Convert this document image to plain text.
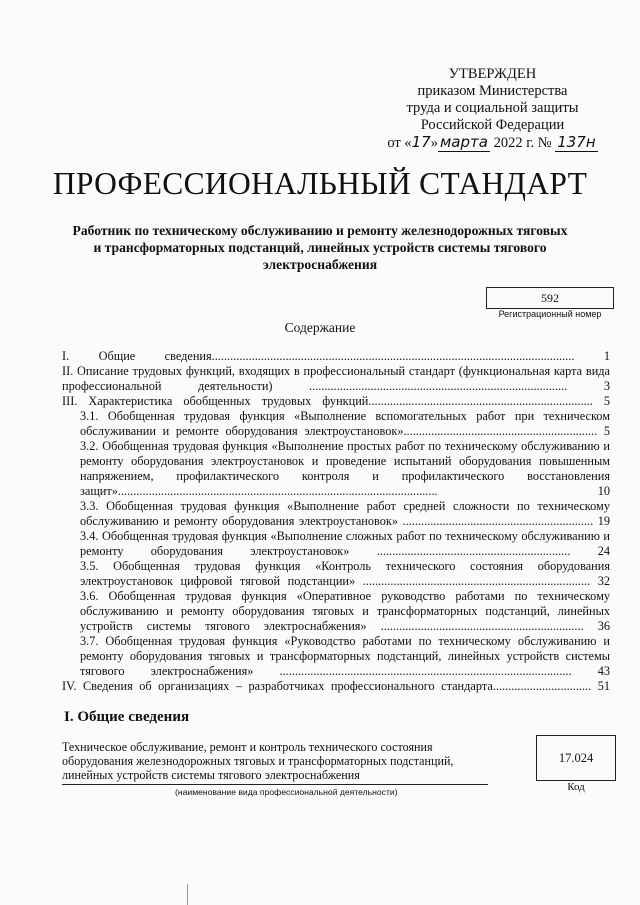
УТВЕРЖДЕН
приказом Министерства
труда и социальной защиты
Российской Федерации
от «17» марта 2022 г. № 137н
ПРОФЕССИОНАЛЬНЫЙ СТАНДАРТ
Работник по техническому обслуживанию и ремонту железнодорожных тяговых и трансформаторных подстанций, линейных устройств системы тягового электроснабжения
592
Регистрационный номер
Содержание
I. Общие сведения...................................................................................................................... 1
II. Описание трудовых функций, входящих в профессиональный стандарт (функциональная карта вида профессиональной деятельности) ....................................................................................	3
III. Характеристика обобщенных трудовых функций......................................................................... 5
3.1. Обобщенная трудовая функция «Выполнение вспомогательных работ при техническом обслуживании и ремонте оборудования электроустановок»............................................................... 5
3.2. Обобщенная трудовая функция «Выполнение простых работ по техническому обслуживанию и ремонту оборудования электроустановок и проведение испытаний оборудования повышенным напряжением, профилактического контроля и профилактического восстановления защит»........................................................................................................	10
3.3. Обобщенная трудовая функция «Выполнение работ средней сложности по техническому обслуживанию и ремонту оборудования электроустановок» .............................................................. 19
3.4. Обобщенная трудовая функция «Выполнение сложных работ по техническому обслуживанию и ремонту оборудования электроустановок» ............................................................... 24
3.5. Обобщенная трудовая функция «Контроль технического состояния оборудования электроустановок цифровой тяговой подстанции» .......................................................................... 32
3.6. Обобщенная трудовая функция «Оперативное руководство работами по техническому обслуживанию и ремонту оборудования тяговых и трансформаторных подстанций, линейных устройств системы тягового электроснабжения» .................................................................. 36
3.7. Обобщенная трудовая функция «Руководство работами по техническому обслуживанию и ремонту оборудования тяговых и трансформаторных подстанций, линейных устройств системы тягового электроснабжения» ............................................................................................... 43
IV. Сведения об организациях – разработчиках профессионального стандарта................................ 51
I. Общие сведения
Техническое обслуживание, ремонт и контроль технического состояния оборудования железнодорожных тяговых и трансформаторных подстанций, линейных устройств системы тягового электроснабжения
(наименование вида профессиональной деятельности)
17.024
Код
